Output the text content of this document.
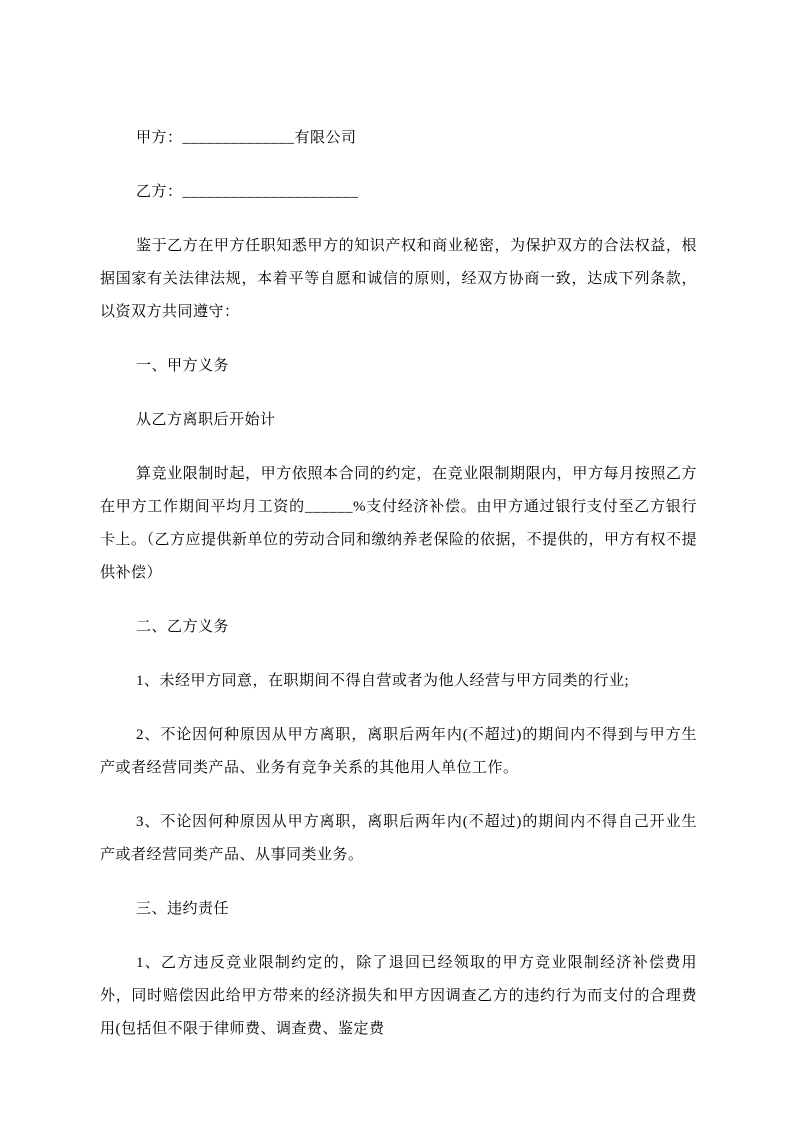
甲方：______________有限公司

乙方：______________________

鉴于乙方在甲方任职知悉甲方的知识产权和商业秘密，为保护双方的合法权益，根据国家有关法律法规，本着平等自愿和诚信的原则，经双方协商一致，达成下列条款，以资双方共同遵守：

一、甲方义务

从乙方离职后开始计

算竞业限制时起，甲方依照本合同的约定，在竞业限制期限内，甲方每月按照乙方在甲方工作期间平均月工资的______%支付经济补偿。由甲方通过银行支付至乙方银行卡上。（乙方应提供新单位的劳动合同和缴纳养老保险的依据，不提供的，甲方有权不提供补偿）

二、乙方义务

1、未经甲方同意，在职期间不得自营或者为他人经营与甲方同类的行业;

2、不论因何种原因从甲方离职，离职后两年内(不超过)的期间内不得到与甲方生产或者经营同类产品、业务有竞争关系的其他用人单位工作。

3、不论因何种原因从甲方离职，离职后两年内(不超过)的期间内不得自己开业生产或者经营同类产品、从事同类业务。

三、违约责任

1、乙方违反竞业限制约定的，除了退回已经领取的甲方竞业限制经济补偿费用外，同时赔偿因此给甲方带来的经济损失和甲方因调查乙方的违约行为而支付的合理费用(包括但不限于律师费、调查费、鉴定费
